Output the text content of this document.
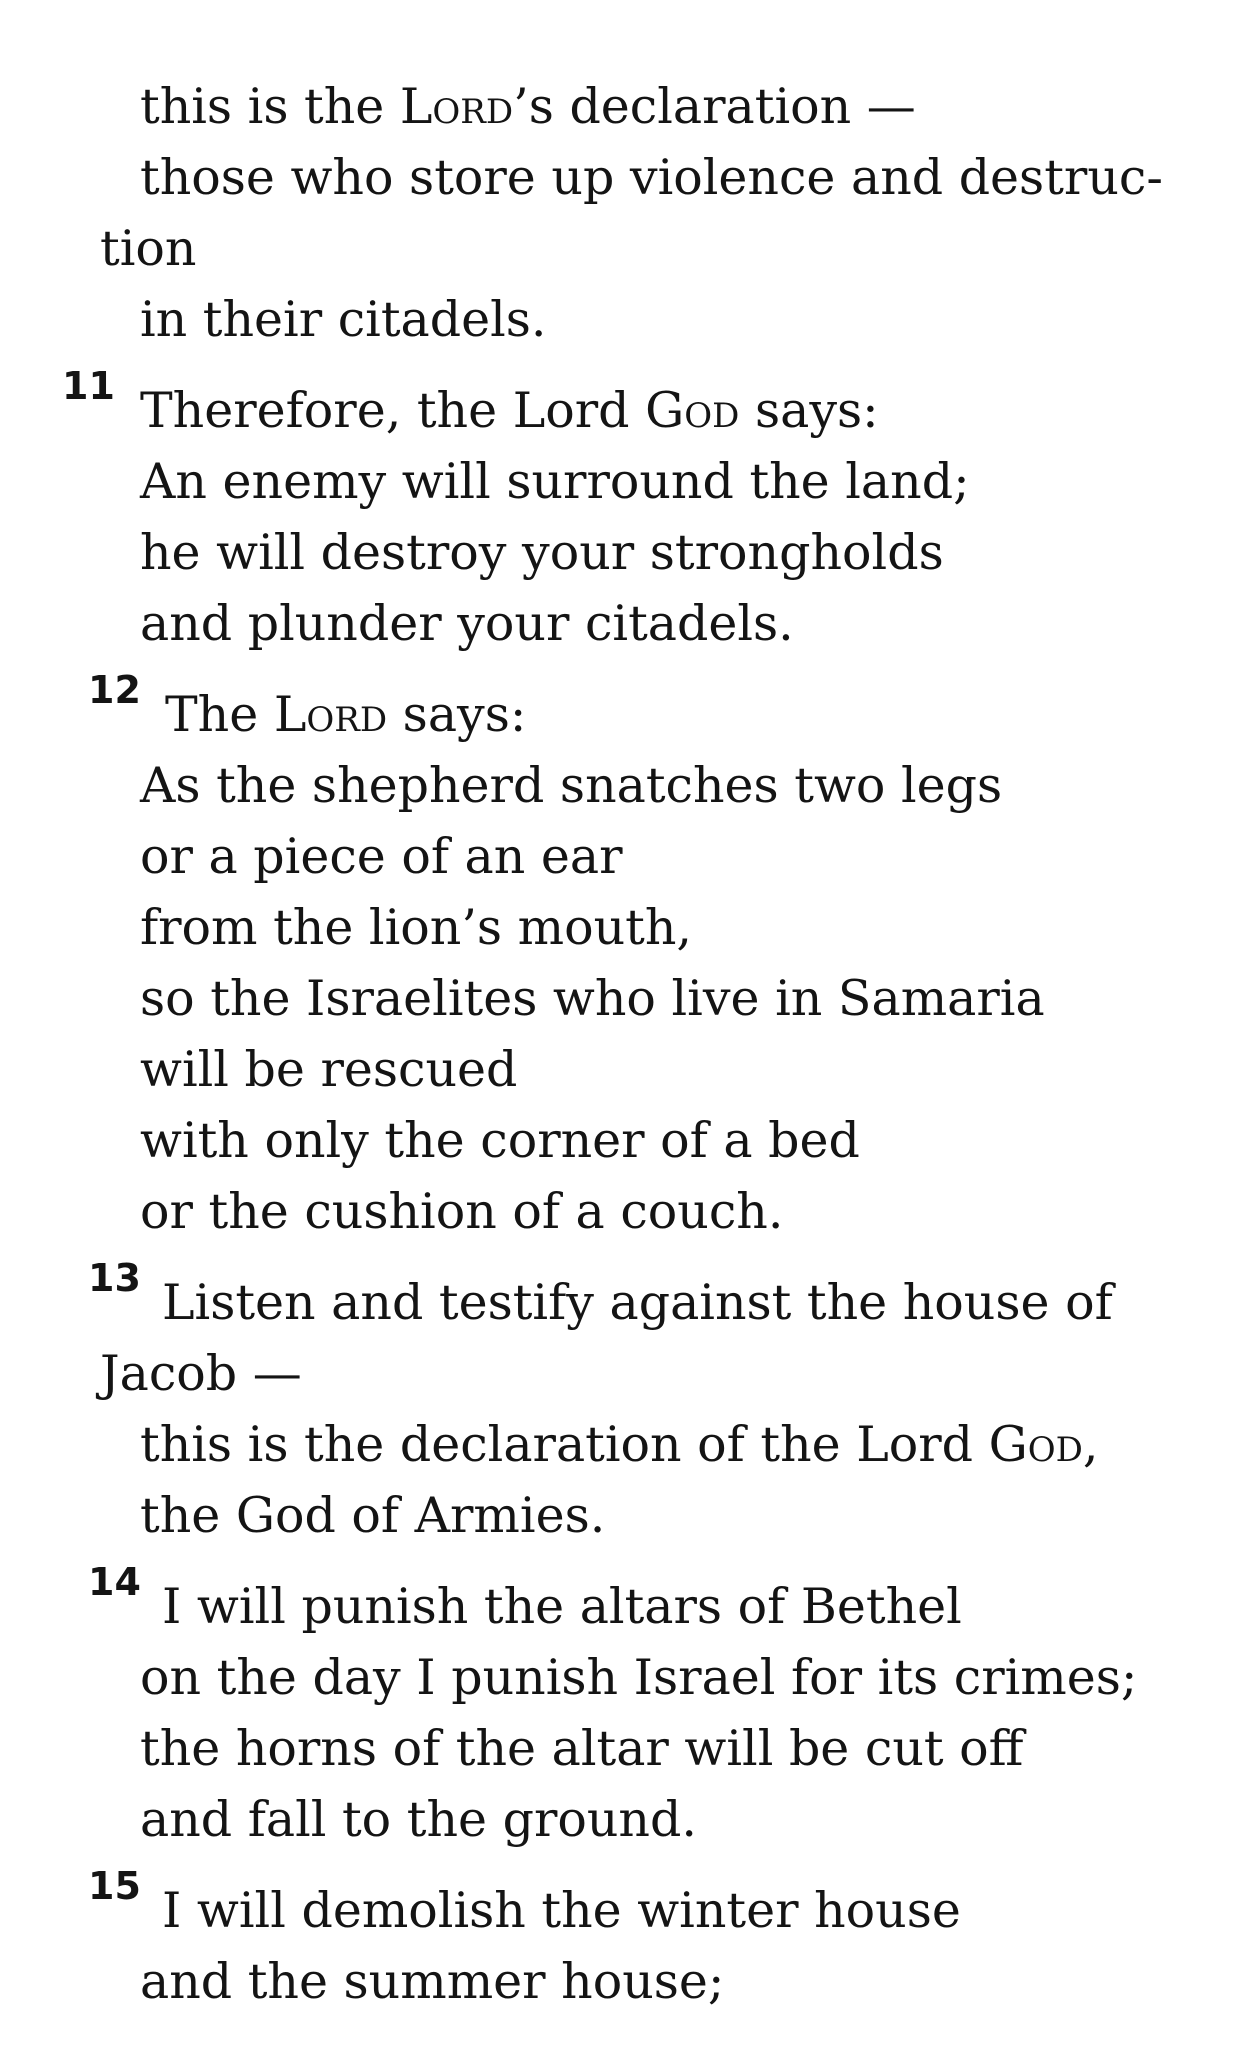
this is the Lord’s declaration —
those who store up violence and destruc-
tion
in their citadels.
11 Therefore, the Lord God says:
An enemy will surround the land;
he will destroy your strongholds
and plunder your citadels.
12 The Lord says:
As the shepherd snatches two legs
or a piece of an ear
from the lion’s mouth,
so the Israelites who live in Samaria
will be rescued
with only the corner of a bed
or the cushion of a couch.
13 Listen and testify against the house of
Jacob —
this is the declaration of the Lord God,
the God of Armies.
14 I will punish the altars of Bethel
on the day I punish Israel for its crimes;
the horns of the altar will be cut off
and fall to the ground.
15 I will demolish the winter house
and the summer house;
